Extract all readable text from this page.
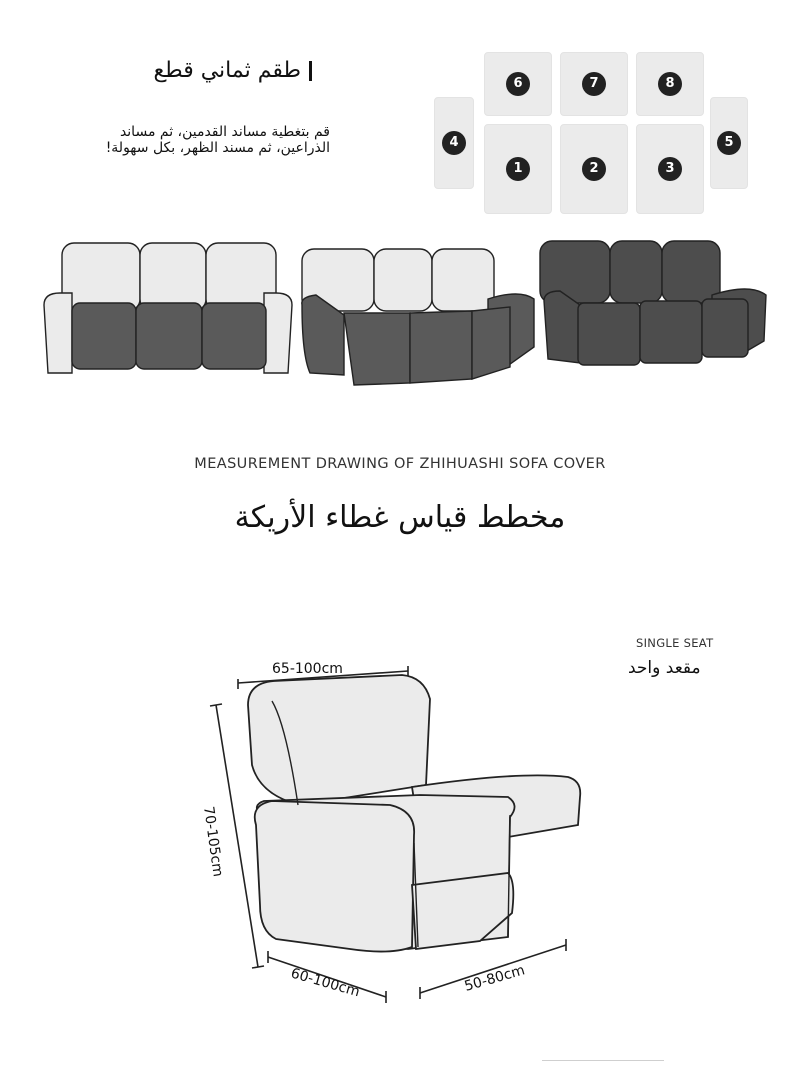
طقم ثماني قطع
قم بتغطية مساند القدمين، ثم مساند الذراعين، ثم مسند الظهر، بكل سهولة!
6	7	8
4
1	2	3
5
MEASUREMENT DRAWING OF ZHIHUASHI SOFA COVER
مخطط قياس غطاء الأريكة
SINGLE SEAT
مقعد واحد
65-100cm
70-105cm
60-100cm	50-80cm
